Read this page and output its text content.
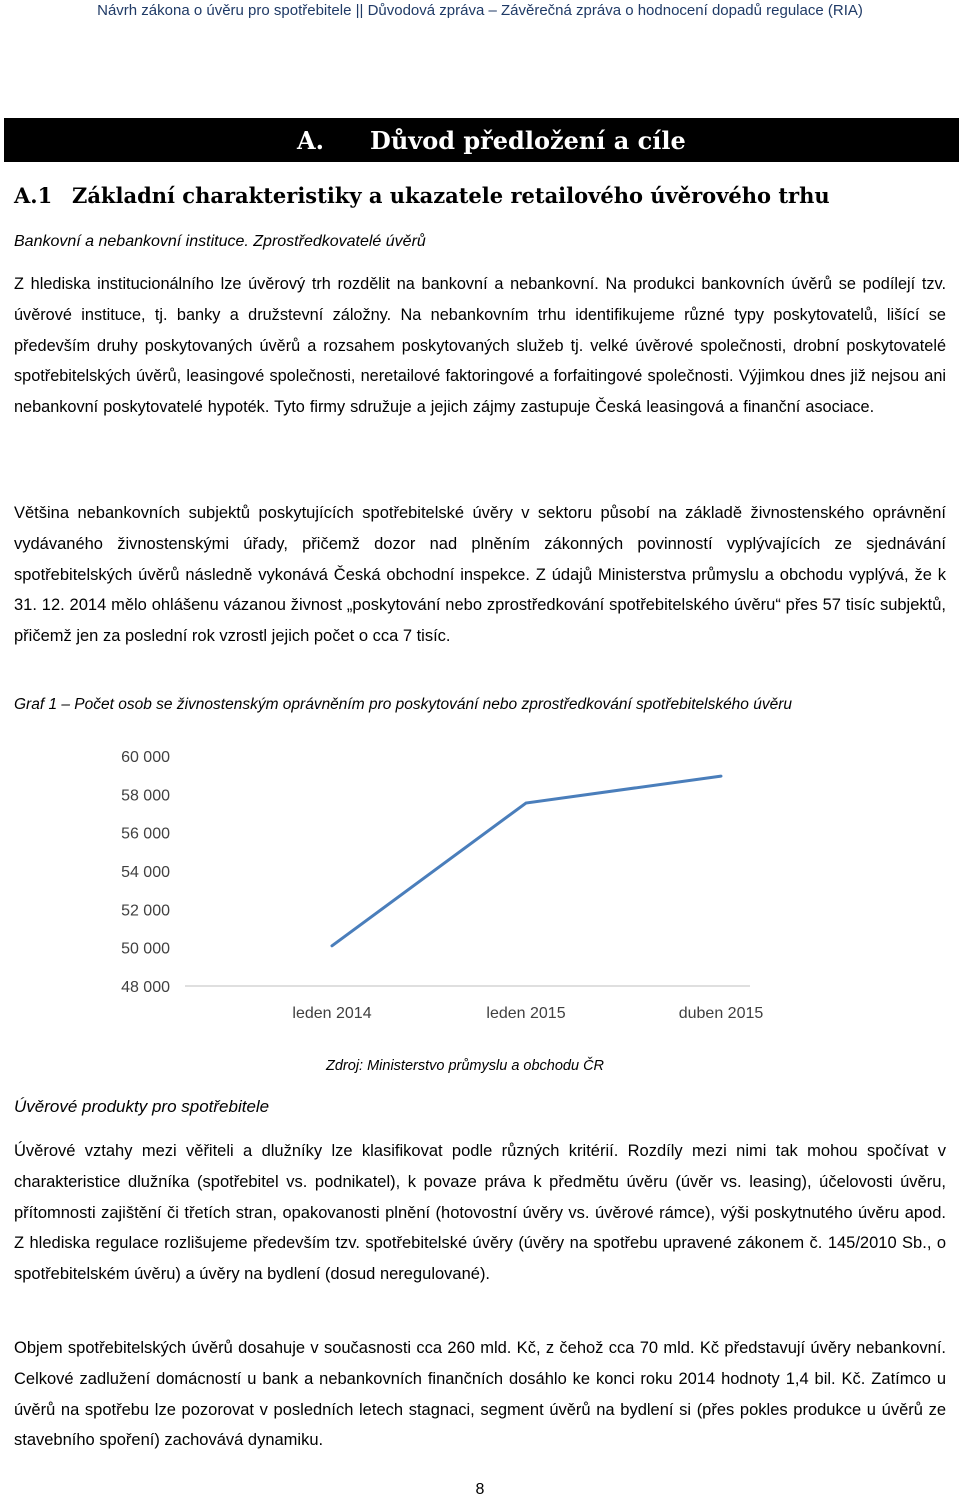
Návrh zákona o úvěru pro spotřebitele || Důvodová zpráva – Závěrečná zpráva o hodnocení dopadů regulace (RIA)
A. Důvod předložení a cíle
A.1 Základní charakteristiky a ukazatele retailového úvěrového trhu
Bankovní a nebankovní instituce. Zprostředkovatelé úvěrů
Z hlediska institucionálního lze úvěrový trh rozdělit na bankovní a nebankovní. Na produkci bankovních úvěrů se podílejí tzv. úvěrové instituce, tj. banky a družstevní záložny. Na nebankovním trhu identifikujeme různé typy poskytovatelů, lišící se především druhy poskytovaných úvěrů a rozsahem poskytovaných služeb tj. velké úvěrové společnosti, drobní poskytovatelé spotřebitelských úvěrů, leasingové společnosti, neretailové faktoringové a forfaitingové společnosti. Výjimkou dnes již nejsou ani nebankovní poskytovatelé hypoték. Tyto firmy sdružuje a jejich zájmy zastupuje Česká leasingová a finanční asociace.
Většina nebankovních subjektů poskytujících spotřebitelské úvěry v sektoru působí na základě živnostenského oprávnění vydávaného živnostenskými úřady, přičemž dozor nad plněním zákonných povinností vyplývajících ze sjednávání spotřebitelských úvěrů následně vykonává Česká obchodní inspekce. Z údajů Ministerstva průmyslu a obchodu vyplývá, že k 31. 12. 2014 mělo ohlášenu vázanou živnost „poskytování nebo zprostředkování spotřebitelského úvěru“ přes 57 tisíc subjektů, přičemž jen za poslední rok vzrostl jejich počet o cca 7 tisíc.
Graf 1 – Počet osob se živnostenským oprávněním pro poskytování nebo zprostředkování spotřebitelského úvěru
48 000
50 000
52 000
54 000
56 000
58 000
60 000
leden 2014	leden 2015	duben 2015
Zdroj: Ministerstvo průmyslu a obchodu ČR
Úvěrové produkty pro spotřebitele
Úvěrové vztahy mezi věřiteli a dlužníky lze klasifikovat podle různých kritérií. Rozdíly mezi nimi tak mohou spočívat v charakteristice dlužníka (spotřebitel vs. podnikatel), k povaze práva k předmětu úvěru (úvěr vs. leasing), účelovosti úvěru, přítomnosti zajištění či třetích stran, opakovanosti plnění (hotovostní úvěry vs. úvěrové rámce), výši poskytnutého úvěru apod. Z hlediska regulace rozlišujeme především tzv. spotřebitelské úvěry (úvěry na spotřebu upravené zákonem č. 145/2010 Sb., o spotřebitelském úvěru) a úvěry na bydlení (dosud neregulované).
Objem spotřebitelských úvěrů dosahuje v současnosti cca 260 mld. Kč, z čehož cca 70 mld. Kč představují úvěry nebankovní. Celkové zadlužení domácností u bank a nebankovních finančních dosáhlo ke konci roku 2014 hodnoty 1,4 bil. Kč. Zatímco u úvěrů na spotřebu lze pozorovat v posledních letech stagnaci, segment úvěrů na bydlení si (přes pokles produkce u úvěrů ze stavebního spoření) zachovává dynamiku.
8
